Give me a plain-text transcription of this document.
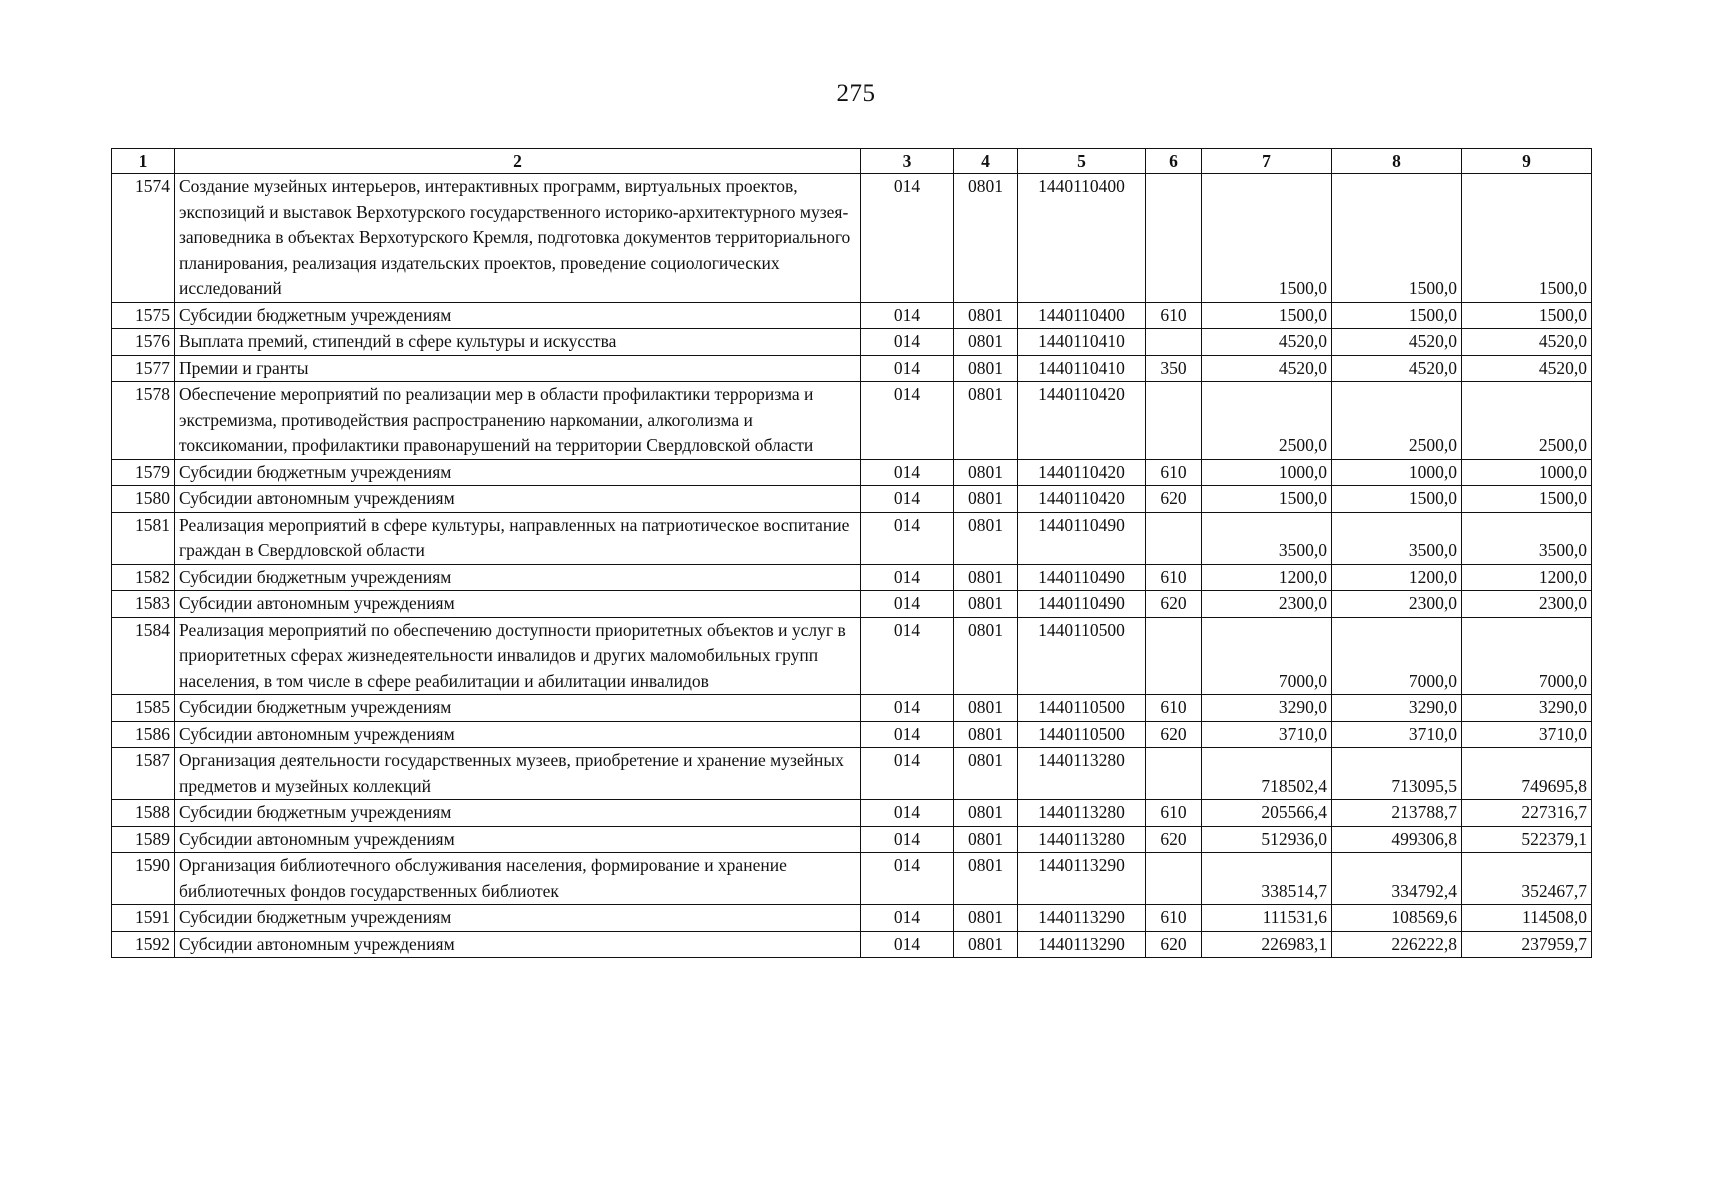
275
1	2	3	4	5	6	7	8	9
1574	Создание музейных интерьеров, интерактивных программ, виртуальных проектов, экспозиций и выставок Верхотурского государственного историко-архитектурного музея-заповедника в объектах Верхотурского Кремля, подготовка документов территориального планирования, реализация издательских проектов, проведение социологических исследований	014	0801	1440110400		1500,0	1500,0	1500,0
1575	Субсидии бюджетным учреждениям	014	0801	1440110400	610	1500,0	1500,0	1500,0
1576	Выплата премий, стипендий в сфере культуры и искусства	014	0801	1440110410		4520,0	4520,0	4520,0
1577	Премии и гранты	014	0801	1440110410	350	4520,0	4520,0	4520,0
1578	Обеспечение мероприятий по реализации мер в области профилактики терроризма и экстремизма, противодействия распространению наркомании, алкоголизма и токсикомании, профилактики правонарушений на территории Свердловской области	014	0801	1440110420		2500,0	2500,0	2500,0
1579	Субсидии бюджетным учреждениям	014	0801	1440110420	610	1000,0	1000,0	1000,0
1580	Субсидии автономным учреждениям	014	0801	1440110420	620	1500,0	1500,0	1500,0
1581	Реализация мероприятий в сфере культуры, направленных на патриотическое воспитание граждан в Свердловской области	014	0801	1440110490		3500,0	3500,0	3500,0
1582	Субсидии бюджетным учреждениям	014	0801	1440110490	610	1200,0	1200,0	1200,0
1583	Субсидии автономным учреждениям	014	0801	1440110490	620	2300,0	2300,0	2300,0
1584	Реализация мероприятий по обеспечению доступности приоритетных объектов и услуг в приоритетных сферах жизнедеятельности инвалидов и других маломобильных групп населения, в том числе в сфере реабилитации и абилитации инвалидов	014	0801	1440110500		7000,0	7000,0	7000,0
1585	Субсидии бюджетным учреждениям	014	0801	1440110500	610	3290,0	3290,0	3290,0
1586	Субсидии автономным учреждениям	014	0801	1440110500	620	3710,0	3710,0	3710,0
1587	Организация деятельности государственных музеев, приобретение и хранение музейных предметов и музейных коллекций	014	0801	1440113280		718502,4	713095,5	749695,8
1588	Субсидии бюджетным учреждениям	014	0801	1440113280	610	205566,4	213788,7	227316,7
1589	Субсидии автономным учреждениям	014	0801	1440113280	620	512936,0	499306,8	522379,1
1590	Организация библиотечного обслуживания населения, формирование и хранение библиотечных фондов государственных библиотек	014	0801	1440113290		338514,7	334792,4	352467,7
1591	Субсидии бюджетным учреждениям	014	0801	1440113290	610	111531,6	108569,6	114508,0
1592	Субсидии автономным учреждениям	014	0801	1440113290	620	226983,1	226222,8	237959,7
